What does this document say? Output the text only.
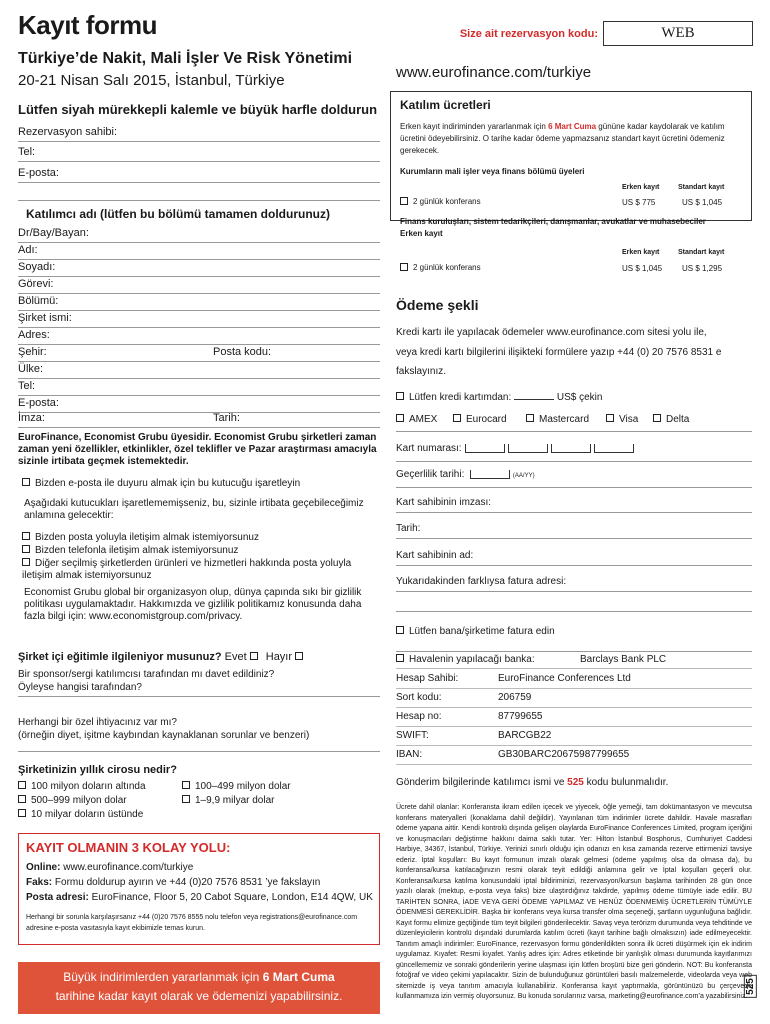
Kayıt formu	Size ait rezervasyon kodu:	WEB
Türkiye’de Nakit, Mali İşler Ve Risk Yönetimi
20-21 Nisan Salı 2015, İstanbul, Türkiye	www.eurofinance.com/turkiye
Lütfen siyah mürekkepli kalemle ve büyük harfle doldurun
Rezervasyon sahibi:
Tel:
E-posta:
Katılımcı adı (lütfen bu bölümü tamamen doldurunuz)
Dr/Bay/Bayan:
Adı:
Soyadı:
Görevi:
Bölümü:
Şirket ismi:
Adres:
Şehir:	Posta kodu:
Ülke:
Tel:
E-posta:
İmza:	Tarih:
EuroFinance, Economist Grubu üyesidir. Economist Grubu şirketleri zaman zaman yeni özellikler, etkinlikler, özel teklifler ve Pazar araştırması amacıyla sizinle irtibata geçmek istemektedir.
Bizden e-posta ile duyuru almak için bu kutucuğu işaretleyin
Aşağıdaki kutucukları işaretlememişseniz, bu, sizinle irtibata geçebileceğimiz anlamına gelecektir:
Bizden posta yoluyla iletişim almak istemiyorsunuz
Bizden telefonla iletişim almak istemiyorsunuz
Diğer seçilmiş şirketlerden ürünleri ve hizmetleri hakkında posta yoluyla iletişim almak istemiyorsunuz
Economist Grubu global bir organizasyon olup, dünya çapında sıkı bir gizlilik politikası uygulamaktadır. Hakkımızda ve gizlilik politikamız konusunda daha fazla bilgi için: www.economistgroup.com/privacy.
Şirket içi eğitimle ilgileniyor musunuz? Evet Hayır
Bir sponsor/sergi katılımcısı tarafından mı davet edildiniz?
Öyleyse hangisi tarafından?
Herhangi bir özel ihtiyacınız var mı?
(örneğin diyet, işitme kaybından kaynaklanan sorunlar ve benzeri)
Şirketinizin yıllık cirosu nedir?
100 milyon doların altında	100–499 milyon dolar
500–999 milyon dolar	1–9,9 milyar dolar
10 milyar doların üstünde
KAYIT OLMANIN 3 KOLAY YOLU:
Online: www.eurofinance.com/turkiye
Faks: Formu doldurup ayırın ve +44 (0)20 7576 8531 ’ye fakslayın
Posta adresi: EuroFinance, Floor 5, 20 Cabot Square, London, E14 4QW, UK
Herhangi bir sorunla karşılaşırsanız +44 (0)20 7576 8555 nolu telefon veya registrations@eurofinance.com adresine e-posta vasıtasıyla kayıt ekibimizle temas kurun.
Büyük indirimlerden yararlanmak için 6 Mart Cuma
tarihine kadar kayıt olarak ve ödemenizi yapabilirsiniz.
Katılım ücretleri
Erken kayıt indiriminden yararlanmak için 6 Mart Cuma gününe kadar kaydolarak ve katılım ücretini ödeyebilirsiniz. O tarihe kadar ödeme yapmazsanız standart kayıt ücretini ödemeniz gerekecek.
Kurumların mali işler veya finans bölümü üyeleri
Erken kayıt	Standart kayıt
2 günlük konferans	US $ 775	US $ 1,045
Finans kuruluşları, sistem tedarikçileri, danışmanlar, avukatlar ve muhasebeciler Erken kayıt
Erken kayıt	Standart kayıt
2 günlük konferans	US $ 1,045 US $ 1,295
Ödeme şekli
Kredi kartı ile yapılacak ödemeler www.eurofinance.com sitesi yolu ile,
veya kredi kartı bilgilerini ilişikteki formülere yazıp +44 (0) 20 7576 8531 e
fakslayınız.
Lütfen kredi kartımdan:	US$ çekin
AMEX	Eurocard	Mastercard	Visa	Delta
Kart numarası:
Geçerlilik tarihi:	(AA/YY)
Kart sahibinin imzası:
Tarih:
Kart sahibinin ad:
Yukarıdakinden farklıysa fatura adresi:
Lütfen bana/şirketime fatura edin
Havalenin yapılacağı banka:	Barclays Bank PLC
Hesap Sahibi:	EuroFinance Conferences Ltd
Sort kodu:	206759
Hesap no:	87799655
SWIFT:	BARCGB22
IBAN:	GB30BARC20675987799655
Gönderim bilgilerinde katılımcı ismi ve 525 kodu bulunmalıdır.
Ücrete dahil olanlar: Konferansta ikram edilen içecek ve yiyecek, öğle yemeği, tam dokümantasyon ve mevcutsa konferans materyalleri (konaklama dahil değildir). Yayınlanan tüm indirimler ücrete dahildir. Havale masrafları ödeme yapana aittir. Kendi kontrolü dışında gelişen olaylarda EuroFinance Conferences Limited, program içeriğini ve konuşmacıları değiştirme hakkını daima saklı tutar. Yer: Hilton İstanbul Bosphorus, Cumhuriyet Caddesi Harbiye, 34367, İstanbul, Türkiye. Yerinizi sınırlı olduğu için odanızı en kısa zamanda rezerve ettirmenizi tavsiye ederiz. İptal koşulları: Bu kayıt formunun imzalı olarak gelmesi (ödeme yapılmış olsa da olmasa da), bu konferansa/kursa katılacağınızın resmi olarak teyit edildiği anlamına gelir ve İptal koşulları geçerli olur. Konferansa/kursa katılma konusundaki iptal bildiriminizi, rezervasyon/kursun başlama tarihinden 28 gün önce yazılı olarak (mektup, e-posta veya faks) bize ulaştırdığınız takdirde, yapılmış ödeme tümüyle iade edilir. BU TARİHTEN SONRA, İADE VEYA GERİ ÖDEME YAPILMAZ VE HENÜZ ÖDENMEMİŞ ÜCRETLERİN TÜMÜYLE ÖDENMESİ GEREKLİDİR. Başka bir konferans veya kursa transfer olma seçeneği, şartların uygunluğuna bağlıdır. Kayıt formu elimize geçtiğinde tüm teyit bilgileri gönderilecektir. Savaş veya terörizm durumunda veya tehditinde ve düzenleyicilerin kontrolü dışındaki durumlarda katılım ücreti (kayıt tarihine bağlı olmaksızın) iade edilmeyecektir. Tanıtım amaçlı indirimler: EuroFinance, rezervasyon formu gönderildikten sonra ilk ücreti düşürmek için ek indirim uygulamaz. Kıyafet: Resmi kıyafet. Yanlış adres için: Adres etiketinde bir yanlışlık olması durumunda kayıtlarımızı güncellememiz ve sonraki gönderilerin yerine ulaşması için lütfen broşürü bize geri gönderin. NOT: Bu konferansta fotoğraf ve video çekimi yapılacaktır. Sizin de bulunduğunuz görüntüleri basılı malzemelerde, videolarda veya web sitemizde iş veya tanıtım amacıyla kullanabiliriz. Konferansa kayıt yaptırmakla, görüntünüzü bu çerçevede kullanmamıza izin vermiş oluyorsunuz. Bu konuda sorularınız varsa, marketing@eurofinance.com’a yazabilirsiniz.
525
